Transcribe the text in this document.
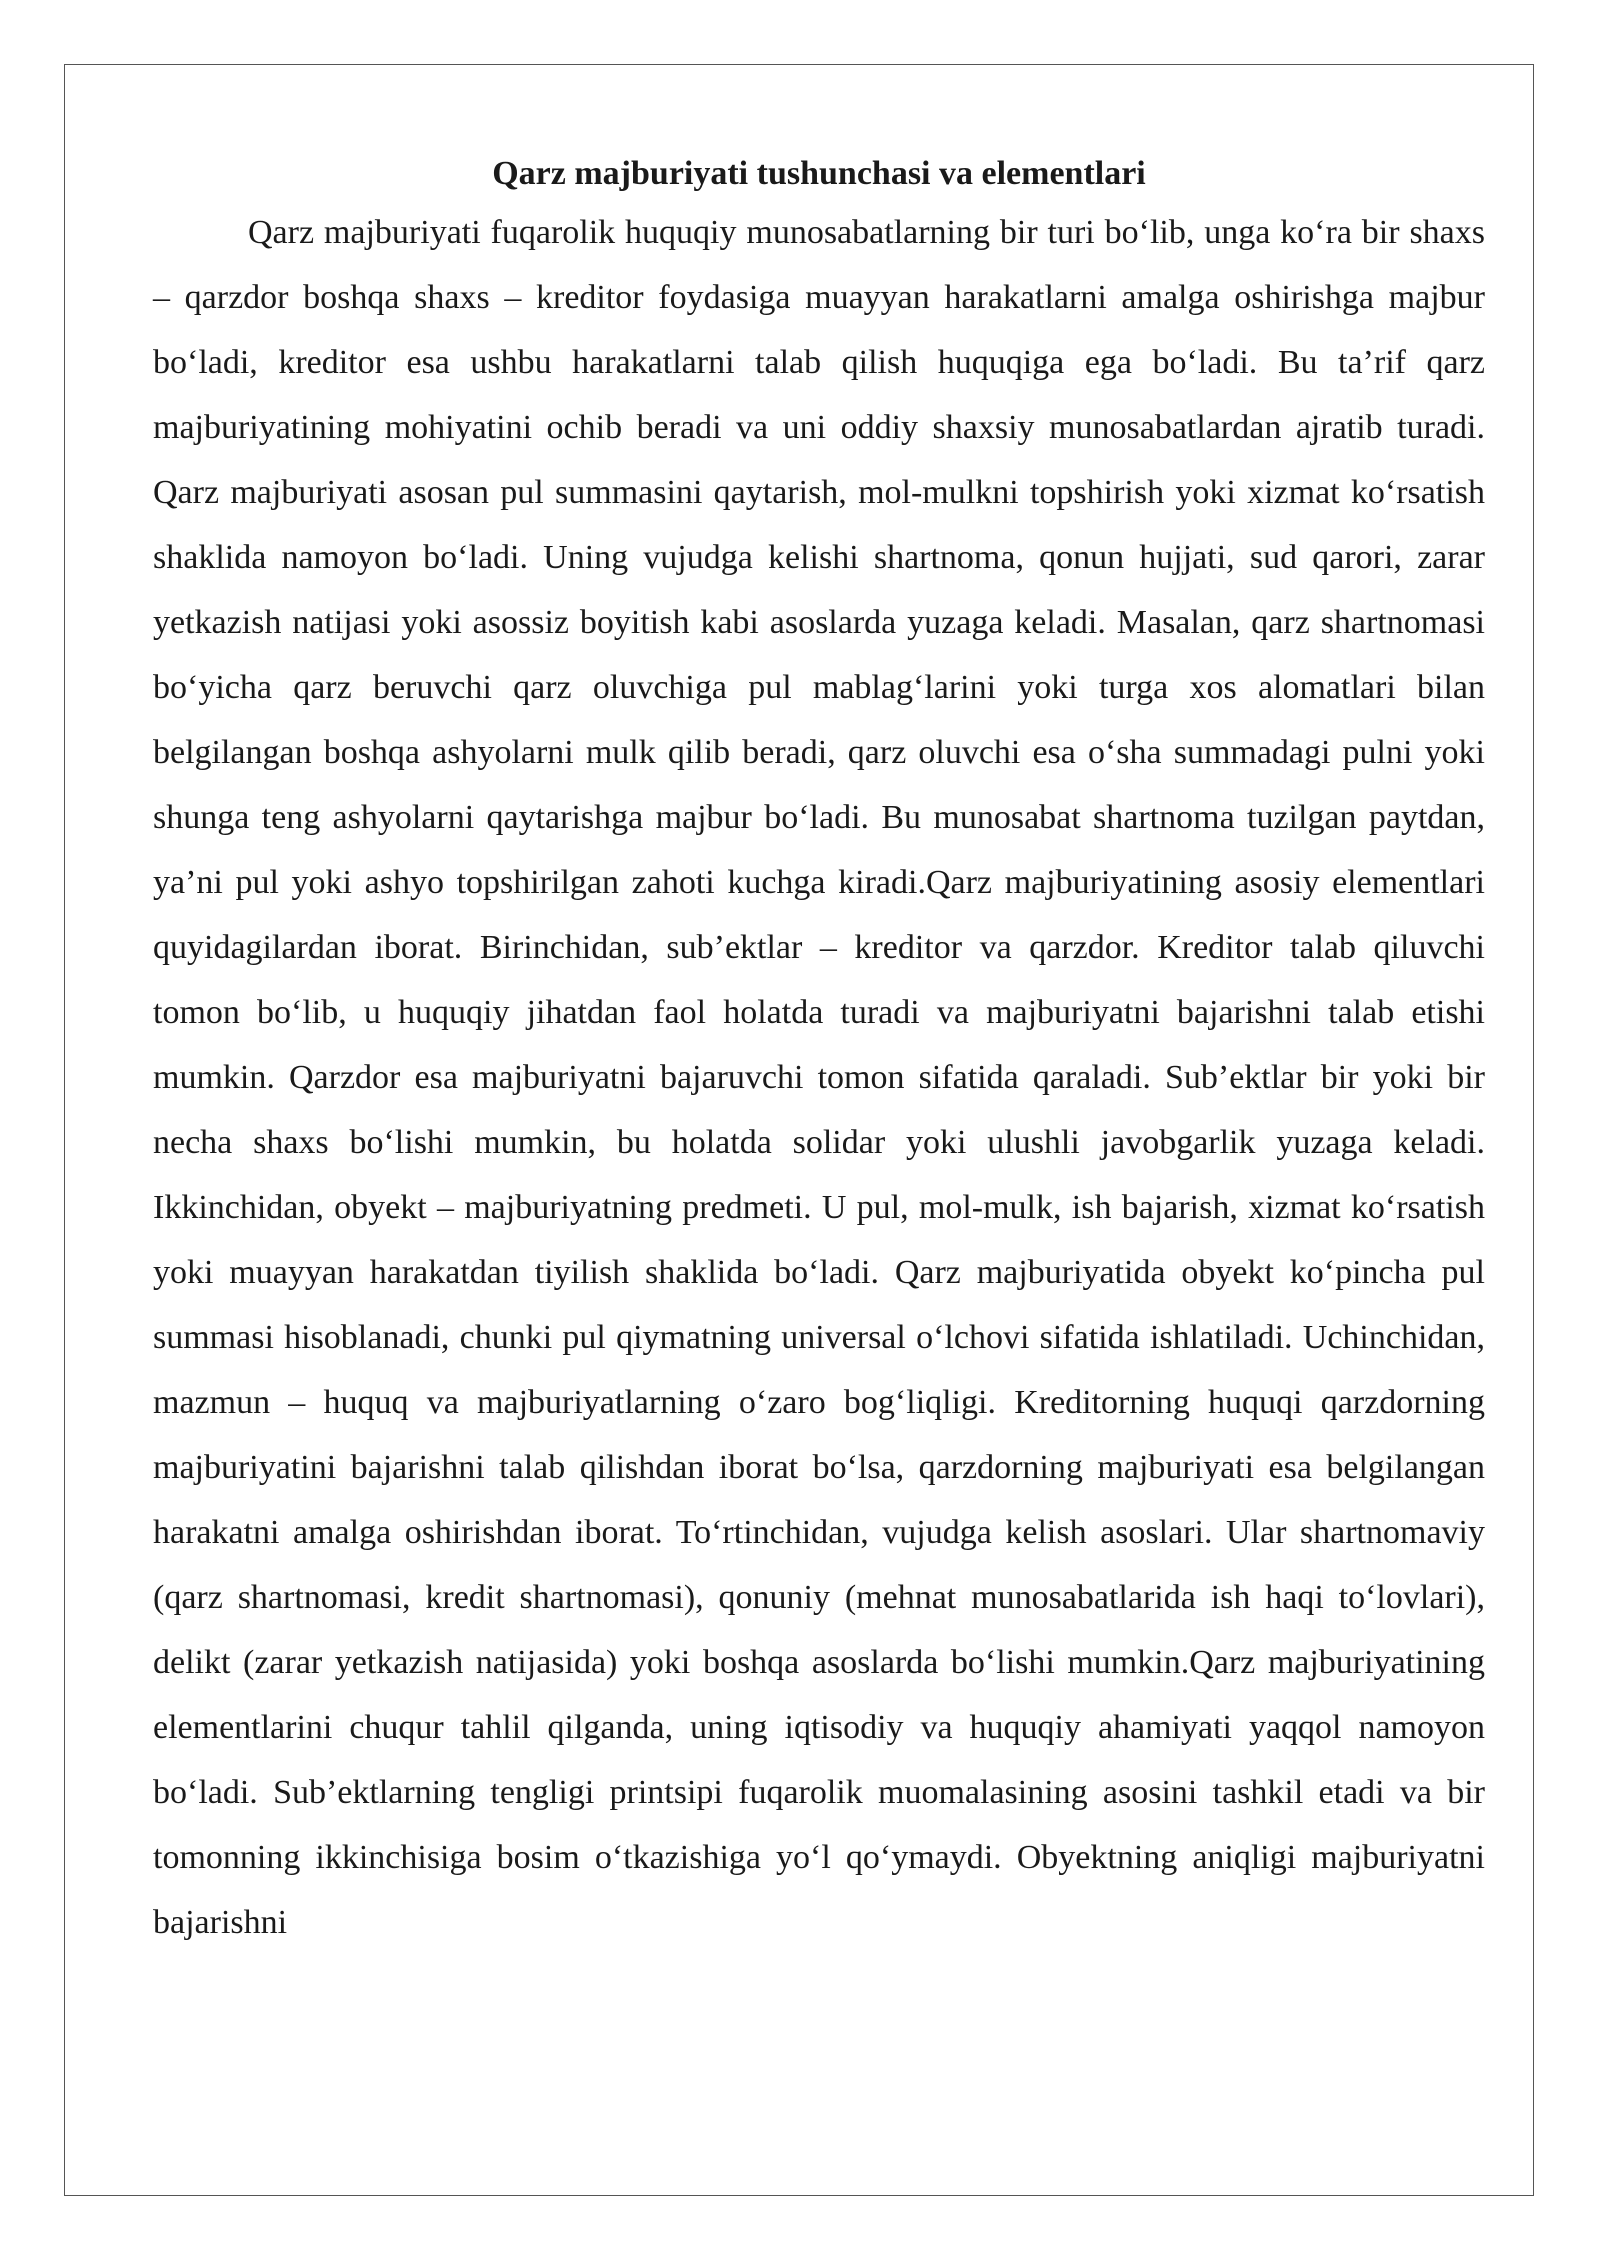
Qarz majburiyati tushunchasi va elementlari

Qarz majburiyati fuqarolik huquqiy munosabatlarning bir turi bo‘lib, unga ko‘ra bir shaxs – qarzdor boshqa shaxs – kreditor foydasiga muayyan harakatlarni amalga oshirishga majbur bo‘ladi, kreditor esa ushbu harakatlarni talab qilish huquqiga ega bo‘ladi. Bu ta’rif qarz majburiyatining mohiyatini ochib beradi va uni oddiy shaxsiy munosabatlardan ajratib turadi. Qarz majburiyati asosan pul summasini qaytarish, mol-mulkni topshirish yoki xizmat ko‘rsatish shaklida namoyon bo‘ladi. Uning vujudga kelishi shartnoma, qonun hujjati, sud qarori, zarar yetkazish natijasi yoki asossiz boyitish kabi asoslarda yuzaga keladi. Masalan, qarz shartnomasi bo‘yicha qarz beruvchi qarz oluvchiga pul mablag‘larini yoki turga xos alomatlari bilan belgilangan boshqa ashyolarni mulk qilib beradi, qarz oluvchi esa o‘sha summadagi pulni yoki shunga teng ashyolarni qaytarishga majbur bo‘ladi. Bu munosabat shartnoma tuzilgan paytdan, ya’ni pul yoki ashyo topshirilgan zahoti kuchga kiradi.Qarz majburiyatining asosiy elementlari quyidagilardan iborat. Birinchidan, sub’ektlar – kreditor va qarzdor. Kreditor talab qiluvchi tomon bo‘lib, u huquqiy jihatdan faol holatda turadi va majburiyatni bajarishni talab etishi mumkin. Qarzdor esa majburiyatni bajaruvchi tomon sifatida qaraladi. Sub’ektlar bir yoki bir necha shaxs bo‘lishi mumkin, bu holatda solidar yoki ulushli javobgarlik yuzaga keladi. Ikkinchidan, obyekt – majburiyatning predmeti. U pul, mol-mulk, ish bajarish, xizmat ko‘rsatish yoki muayyan harakatdan tiyilish shaklida bo‘ladi. Qarz majburiyatida obyekt ko‘pincha pul summasi hisoblanadi, chunki pul qiymatning universal o‘lchovi sifatida ishlatiladi. Uchinchidan, mazmun – huquq va majburiyatlarning o‘zaro bog‘liqligi. Kreditorning huquqi qarzdorning majburiyatini bajarishni talab qilishdan iborat bo‘lsa, qarzdorning majburiyati esa belgilangan harakatni amalga oshirishdan iborat. To‘rtinchidan, vujudga kelish asoslari. Ular shartnomaviy (qarz shartnomasi, kredit shartnomasi), qonuniy (mehnat munosabatlarida ish haqi to‘lovlari), delikt (zarar yetkazish natijasida) yoki boshqa asoslarda bo‘lishi mumkin.Qarz majburiyatining elementlarini chuqur tahlil qilganda, uning iqtisodiy va huquqiy ahamiyati yaqqol namoyon bo‘ladi. Sub’ektlarning tengligi printsipi fuqarolik muomalasining asosini tashkil etadi va bir tomonning ikkinchisiga bosim o‘tkazishiga yo‘l qo‘ymaydi. Obyektning aniqligi majburiyatni bajarishni
